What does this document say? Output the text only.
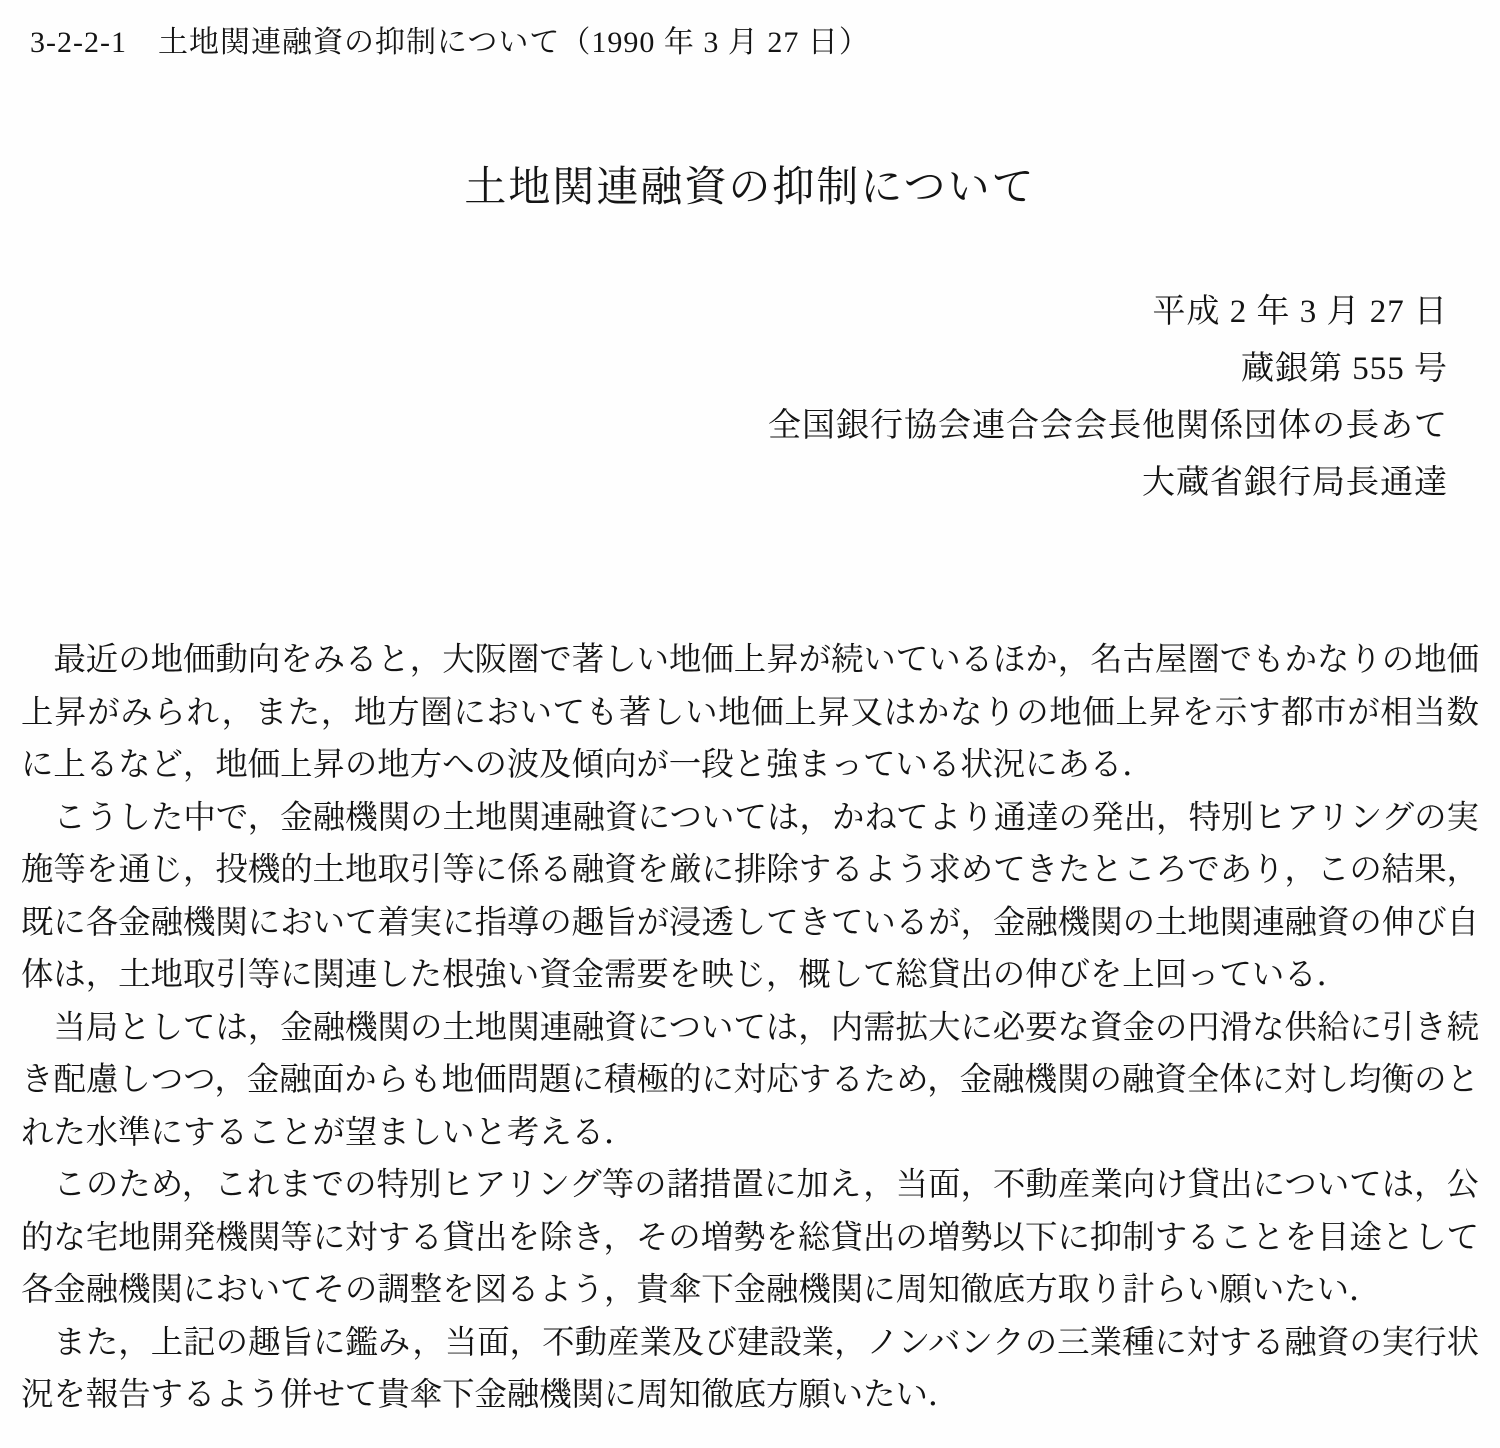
3-2-2-1　土地関連融資の抑制について（1990 年 3 月 27 日）
土地関連融資の抑制について
平成 2 年 3 月 27 日
蔵銀第 555 号
全国銀行協会連合会会長他関係団体の長あて
大蔵省銀行局長通達

最近の地価動向をみると，大阪圏で著しい地価上昇が続いているほか，名古屋圏でもかなりの地価上昇がみられ，また，地方圏においても著しい地価上昇又はかなりの地価上昇を示す都市が相当数に上るなど，地価上昇の地方への波及傾向が一段と強まっている状況にある．

こうした中で，金融機関の土地関連融資については，かねてより通達の発出，特別ヒアリングの実施等を通じ，投機的土地取引等に係る融資を厳に排除するよう求めてきたところであり，この結果，既に各金融機関において着実に指導の趣旨が浸透してきているが，金融機関の土地関連融資の伸び自体は，土地取引等に関連した根強い資金需要を映じ，概して総貸出の伸びを上回っている．

当局としては，金融機関の土地関連融資については，内需拡大に必要な資金の円滑な供給に引き続き配慮しつつ，金融面からも地価問題に積極的に対応するため，金融機関の融資全体に対し均衡のとれた水準にすることが望ましいと考える．

このため，これまでの特別ヒアリング等の諸措置に加え，当面，不動産業向け貸出については，公的な宅地開発機関等に対する貸出を除き，その増勢を総貸出の増勢以下に抑制することを目途として各金融機関においてその調整を図るよう，貴傘下金融機関に周知徹底方取り計らい願いたい．

また，上記の趣旨に鑑み，当面，不動産業及び建設業，ノンバンクの三業種に対する融資の実行状況を報告するよう併せて貴傘下金融機関に周知徹底方願いたい．
